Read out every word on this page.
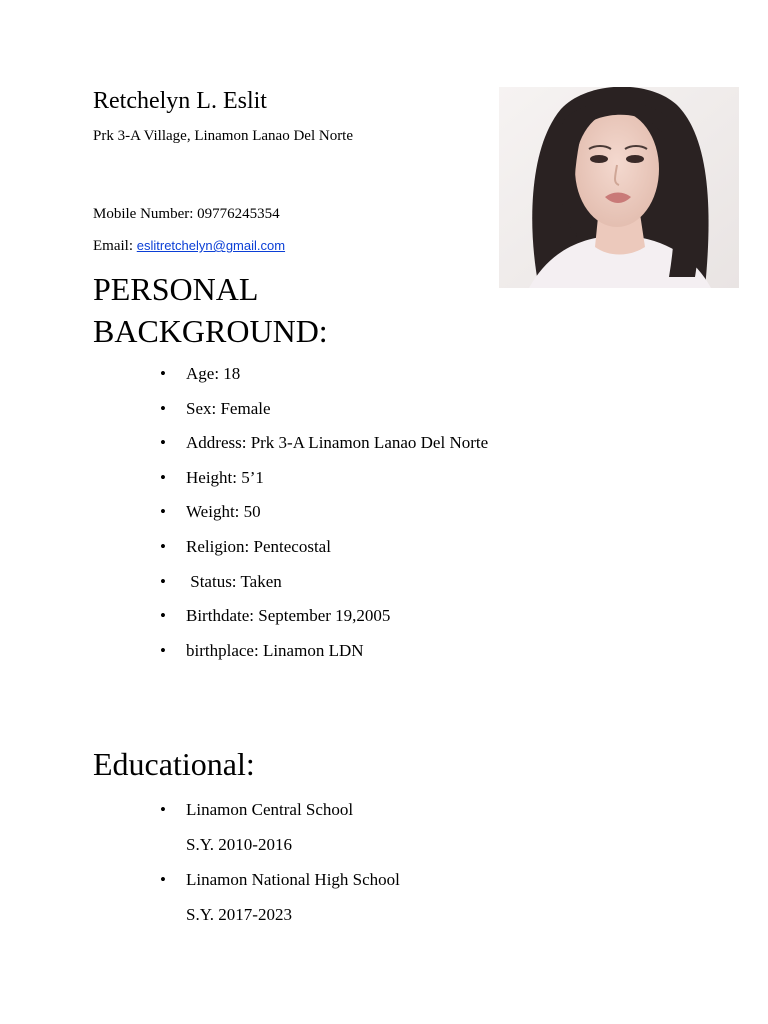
Retchelyn L. Eslit
Prk 3-A Village, Linamon Lanao Del Norte
Mobile Number: 09776245354
Email: eslitretchelyn@gmail.com
PERSONAL BACKGROUND:
• Age: 18
• Sex: Female
• Address: Prk 3-A Linamon Lanao Del Norte
• Height: 5’1
• Weight: 50
• Religion: Pentecostal
• Status: Taken
• Birthdate: September 19,2005
• birthplace: Linamon LDN
Educational:
• Linamon Central School
S.Y. 2010-2016
• Linamon National High School
S.Y. 2017-2023
